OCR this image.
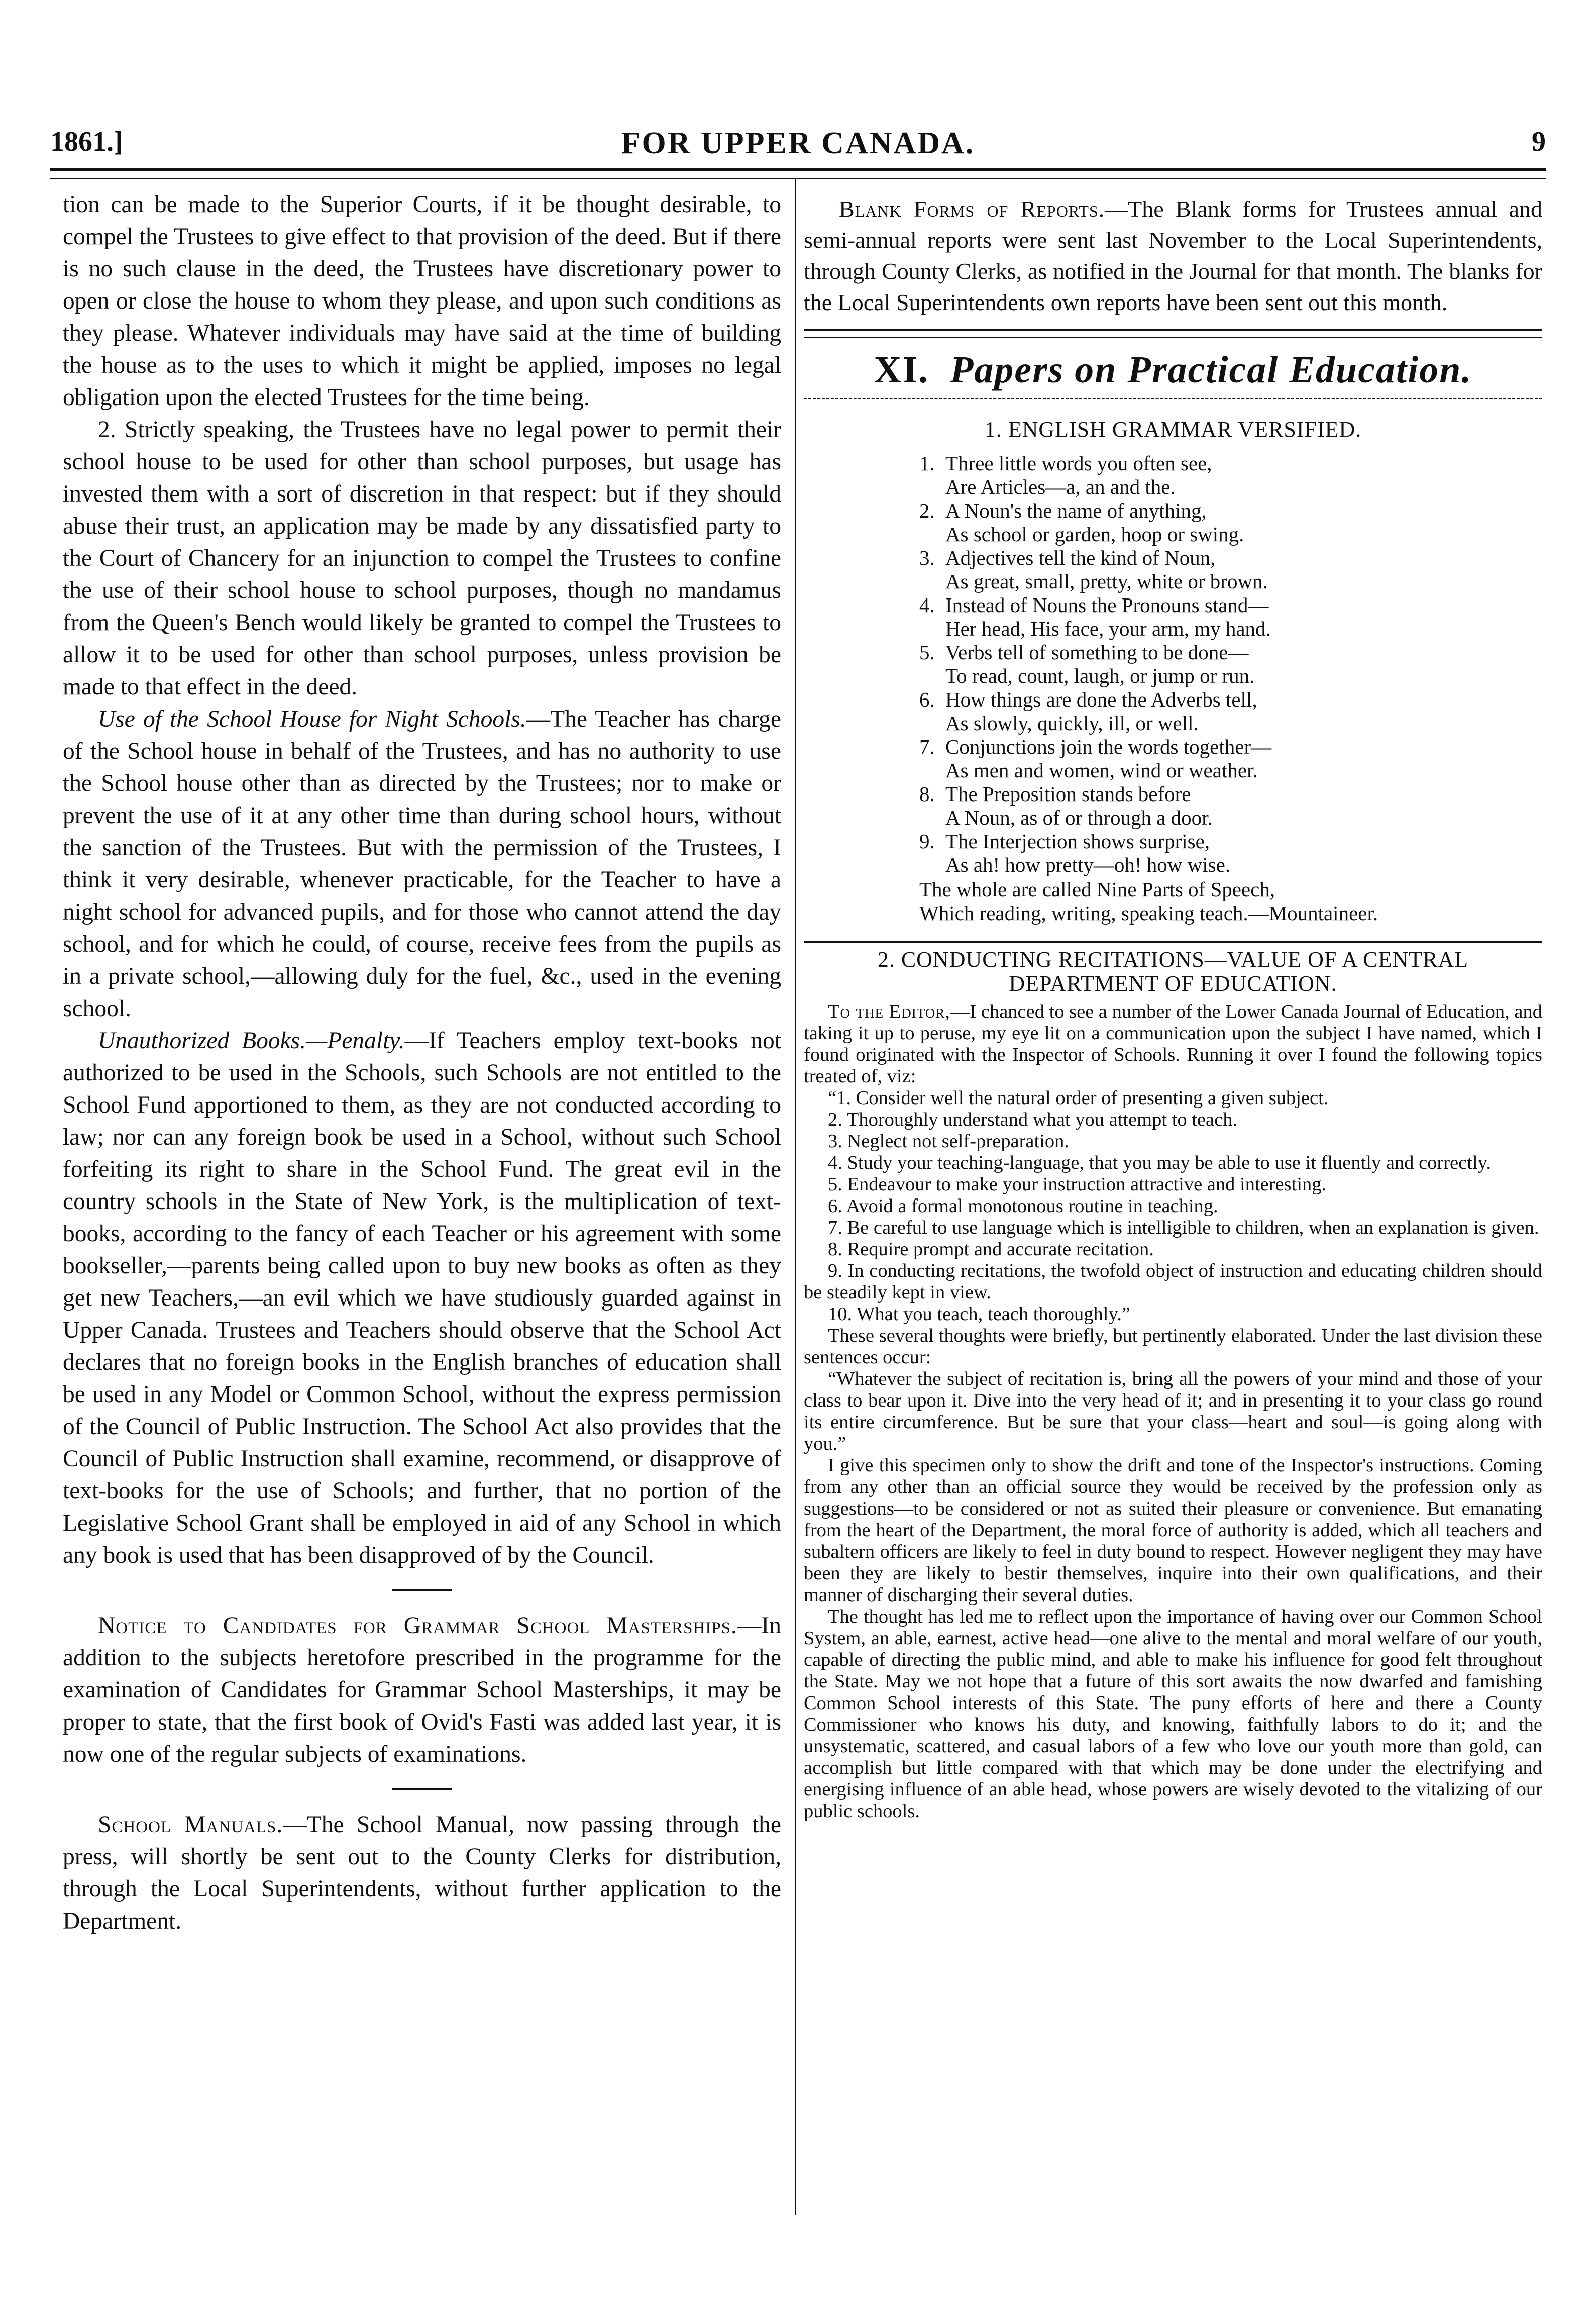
1861.]	FOR UPPER CANADA.	9

tion can be made to the Superior Courts, if it be thought desirable, to compel the Trustees to give effect to that provision of the deed. But if there is no such clause in the deed, the Trustees have discretionary power to open or close the house to whom they please, and upon such conditions as they please. Whatever individuals may have said at the time of building the house as to the uses to which it might be applied, imposes no legal obligation upon the elected Trustees for the time being.

2. Strictly speaking, the Trustees have no legal power to permit their school house to be used for other than school purposes, but usage has invested them with a sort of discretion in that respect: but if they should abuse their trust, an application may be made by any dissatisfied party to the Court of Chancery for an injunction to compel the Trustees to confine the use of their school house to school purposes, though no mandamus from the Queen's Bench would likely be granted to compel the Trustees to allow it to be used for other than school purposes, unless provision be made to that effect in the deed.

Use of the School House for Night Schools.—The Teacher has charge of the School house in behalf of the Trustees, and has no authority to use the School house other than as directed by the Trustees; nor to make or prevent the use of it at any other time than during school hours, without the sanction of the Trustees. But with the permission of the Trustees, I think it very desirable, whenever practicable, for the Teacher to have a night school for advanced pupils, and for those who cannot attend the day school, and for which he could, of course, receive fees from the pupils as in a private school,—allowing duly for the fuel, &c., used in the evening school.

Unauthorized Books.—Penalty.—If Teachers employ text-books not authorized to be used in the Schools, such Schools are not entitled to the School Fund apportioned to them, as they are not conducted according to law; nor can any foreign book be used in a School, without such School forfeiting its right to share in the School Fund. The great evil in the country schools in the State of New York, is the multiplication of text-books, according to the fancy of each Teacher or his agreement with some bookseller,—parents being called upon to buy new books as often as they get new Teachers,—an evil which we have studiously guarded against in Upper Canada. Trustees and Teachers should observe that the School Act declares that no foreign books in the English branches of education shall be used in any Model or Common School, without the express permission of the Council of Public Instruction. The School Act also provides that the Council of Public Instruction shall examine, recommend, or disapprove of text-books for the use of Schools; and further, that no portion of the Legislative School Grant shall be employed in aid of any School in which any book is used that has been disapproved of by the Council.

Notice to Candidates for Grammar School Masterships.—In addition to the subjects heretofore prescribed in the programme for the examination of Candidates for Grammar School Masterships, it may be proper to state, that the first book of Ovid's Fasti was added last year, it is now one of the regular subjects of examinations.

School Manuals.—The School Manual, now passing through the press, will shortly be sent out to the County Clerks for distribution, through the Local Superintendents, without further application to the Department.

Blank Forms of Reports.—The Blank forms for Trustees annual and semi-annual reports were sent last November to the Local Superintendents, through County Clerks, as notified in the Journal for that month. The blanks for the Local Superintendents own reports have been sent out this month.

XI. Papers on Practical Education.
1. ENGLISH GRAMMAR VERSIFIED.
1. Three little words you often see,
Are Articles—a, an and the.
2. A Noun's the name of anything,
As school or garden, hoop or swing.
3. Adjectives tell the kind of Noun,
As great, small, pretty, white or brown.
4. Instead of Nouns the Pronouns stand—
Her head, His face, your arm, my hand.
5. Verbs tell of something to be done—
To read, count, laugh, or jump or run.
6. How things are done the Adverbs tell,
As slowly, quickly, ill, or well.
7. Conjunctions join the words together—
As men and women, wind or weather.
8. The Preposition stands before
A Noun, as of or through a door.
9. The Interjection shows surprise,
As ah! how pretty—oh! how wise.
The whole are called Nine Parts of Speech,
Which reading, writing, speaking teach.—Mountaineer.
2. CONDUCTING RECITATIONS—VALUE OF A CENTRAL DEPARTMENT OF EDUCATION.

To the Editor,—I chanced to see a number of the Lower Canada Journal of Education, and taking it up to peruse, my eye lit on a communication upon the subject I have named, which I found originated with the Inspector of Schools. Running it over I found the following topics treated of, viz:

“1. Consider well the natural order of presenting a given subject.

2. Thoroughly understand what you attempt to teach.

3. Neglect not self-preparation.

4. Study your teaching-language, that you may be able to use it fluently and correctly.

5. Endeavour to make your instruction attractive and interesting.

6. Avoid a formal monotonous routine in teaching.

7. Be careful to use language which is intelligible to children, when an explanation is given.

8. Require prompt and accurate recitation.

9. In conducting recitations, the twofold object of instruction and educating children should be steadily kept in view.

10. What you teach, teach thoroughly.”

These several thoughts were briefly, but pertinently elaborated. Under the last division these sentences occur:

“Whatever the subject of recitation is, bring all the powers of your mind and those of your class to bear upon it. Dive into the very head of it; and in presenting it to your class go round its entire circumference. But be sure that your class—heart and soul—is going along with you.”

I give this specimen only to show the drift and tone of the Inspector's instructions. Coming from any other than an official source they would be received by the profession only as suggestions—to be considered or not as suited their pleasure or convenience. But emanating from the heart of the Department, the moral force of authority is added, which all teachers and subaltern officers are likely to feel in duty bound to respect. However negligent they may have been they are likely to bestir themselves, inquire into their own qualifications, and their manner of discharging their several duties.

The thought has led me to reflect upon the importance of having over our Common School System, an able, earnest, active head—one alive to the mental and moral welfare of our youth, capable of directing the public mind, and able to make his influence for good felt throughout the State. May we not hope that a future of this sort awaits the now dwarfed and famishing Common School interests of this State. The puny efforts of here and there a County Commissioner who knows his duty, and knowing, faithfully labors to do it; and the unsystematic, scattered, and casual labors of a few who love our youth more than gold, can accomplish but little compared with that which may be done under the electrifying and energising influence of an able head, whose powers are wisely devoted to the vitalizing of our public schools.
